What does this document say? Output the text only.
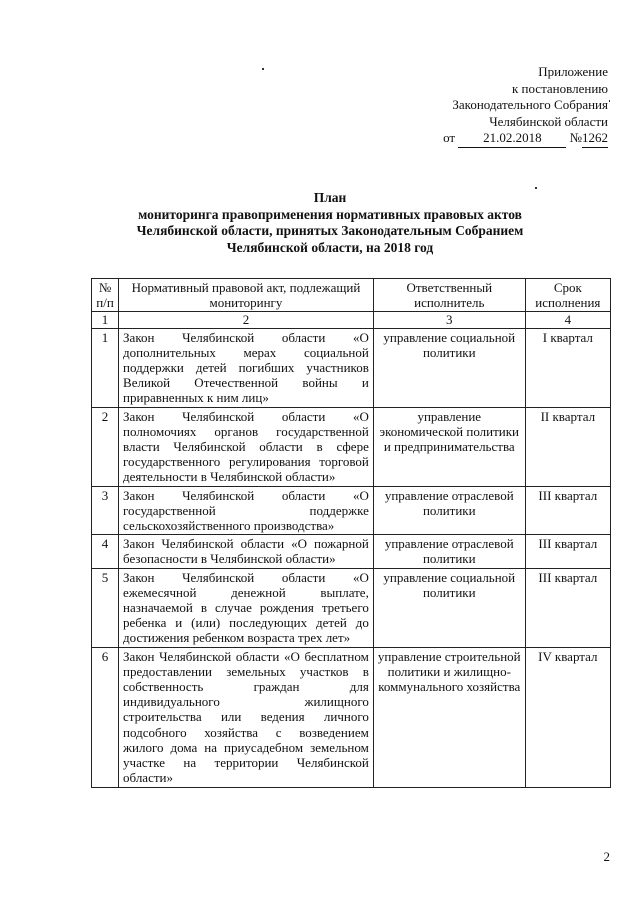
Приложение
к постановлению
Законодательного Собрания
Челябинской области
от 21.02.2018 №1262
План
мониторинга правоприменения нормативных правовых актов
Челябинской области, принятых Законодательным Собранием
Челябинской области, на 2018 год
№ п/п	Нормативный правовой акт, подлежащий мониторингу	Ответственный исполнитель	Срок исполнения
1	2	3	4
1	Закон Челябинской области «О дополнительных мерах социальной поддержки детей погибших участников Великой Отечественной войны и приравненных к ним лиц»	управление социальной политики	I квартал
2	Закон Челябинской области «О полномочиях органов государственной власти Челябинской области в сфере государственного регулирования торговой деятельности в Челябинской области»	управление экономической политики и предпринимательства	II квартал
3	Закон Челябинской области «О государственной поддержке сельскохозяйственного производства»	управление отраслевой политики	III квартал
4	Закон Челябинской области «О пожарной безопасности в Челябинской области»	управление отраслевой политики	III квартал
5	Закон Челябинской области «О ежемесячной денежной выплате, назначаемой в случае рождения третьего ребенка и (или) последующих детей до достижения ребенком возраста трех лет»	управление социальной политики	III квартал
6	Закон Челябинской области «О бесплатном предоставлении земельных участков в собственность граждан для индивидуального жилищного строительства или ведения личного подсобного хозяйства с возведением жилого дома на приусадебном земельном участке на территории Челябинской области»	управление строительной политики и жилищно-коммунального хозяйства	IV квартал
2
